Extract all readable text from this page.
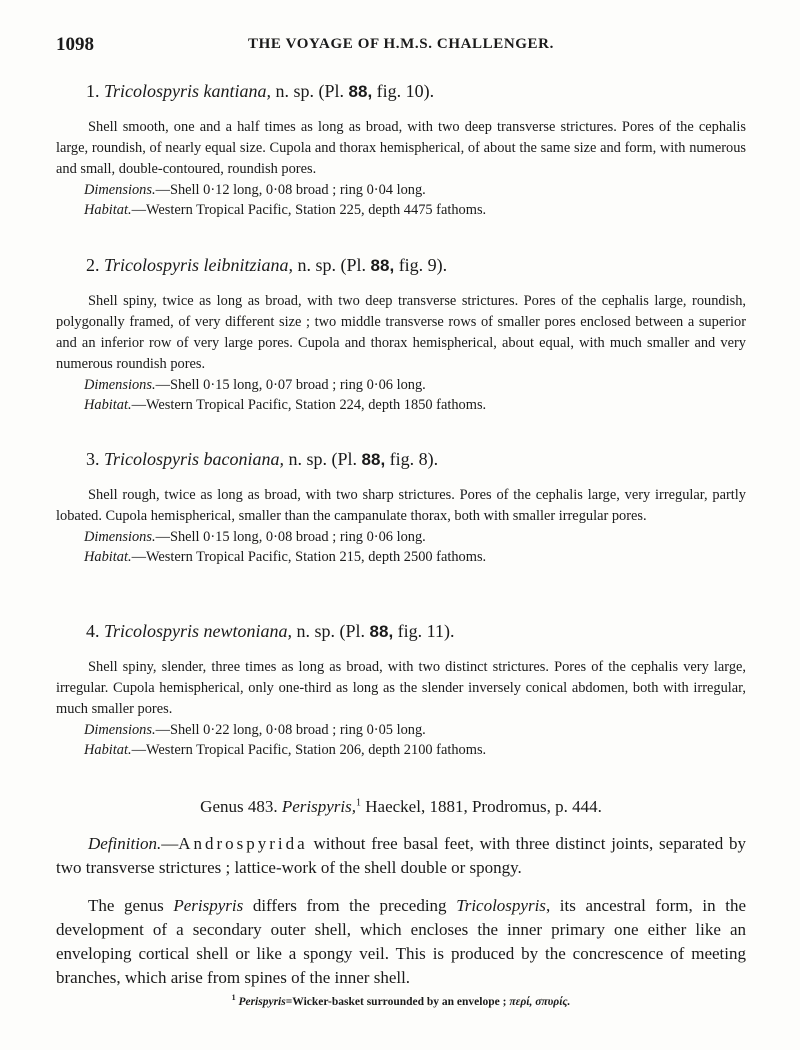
1098	THE VOYAGE OF H.M.S. CHALLENGER.

1. Tricolospyris kantiana, n. sp. (Pl. 88, fig. 10).

Shell smooth, one and a half times as long as broad, with two deep transverse strictures. Pores of the cephalis large, roundish, of nearly equal size. Cupola and thorax hemispherical, of about the same size and form, with numerous and small, double-contoured, roundish pores.

Dimensions.—Shell 0·12 long, 0·08 broad ; ring 0·04 long.

Habitat.—Western Tropical Pacific, Station 225, depth 4475 fathoms.

2. Tricolospyris leibnitziana, n. sp. (Pl. 88, fig. 9).

Shell spiny, twice as long as broad, with two deep transverse strictures. Pores of the cephalis large, roundish, polygonally framed, of very different size ; two middle transverse rows of smaller pores enclosed between a superior and an inferior row of very large pores. Cupola and thorax hemispherical, about equal, with much smaller and very numerous roundish pores.

Dimensions.—Shell 0·15 long, 0·07 broad ; ring 0·06 long.

Habitat.—Western Tropical Pacific, Station 224, depth 1850 fathoms.

3. Tricolospyris baconiana, n. sp. (Pl. 88, fig. 8).

Shell rough, twice as long as broad, with two sharp strictures. Pores of the cephalis large, very irregular, partly lobated. Cupola hemispherical, smaller than the campanulate thorax, both with smaller irregular pores.

Dimensions.—Shell 0·15 long, 0·08 broad ; ring 0·06 long.

Habitat.—Western Tropical Pacific, Station 215, depth 2500 fathoms.

4. Tricolospyris newtoniana, n. sp. (Pl. 88, fig. 11).

Shell spiny, slender, three times as long as broad, with two distinct strictures. Pores of the cephalis very large, irregular. Cupola hemispherical, only one-third as long as the slender inversely conical abdomen, both with irregular, much smaller pores.

Dimensions.—Shell 0·22 long, 0·08 broad ; ring 0·05 long.

Habitat.—Western Tropical Pacific, Station 206, depth 2100 fathoms.

Genus 483. Perispyris,$^1$ Haeckel, 1881, Prodromus, p. 444.

Definition.—Androspyrida without free basal feet, with three distinct joints, separated by two transverse strictures ; lattice-work of the shell double or spongy.

The genus Perispyris differs from the preceding Tricolospyris, its ancestral form, in the development of a secondary outer shell, which encloses the inner primary one either like an enveloping cortical shell or like a spongy veil. This is produced by the concrescence of meeting branches, which arise from spines of the inner shell.

$^1$ Perispyris=Wicker-basket surrounded by an envelope ; περί, σπυρίς.
